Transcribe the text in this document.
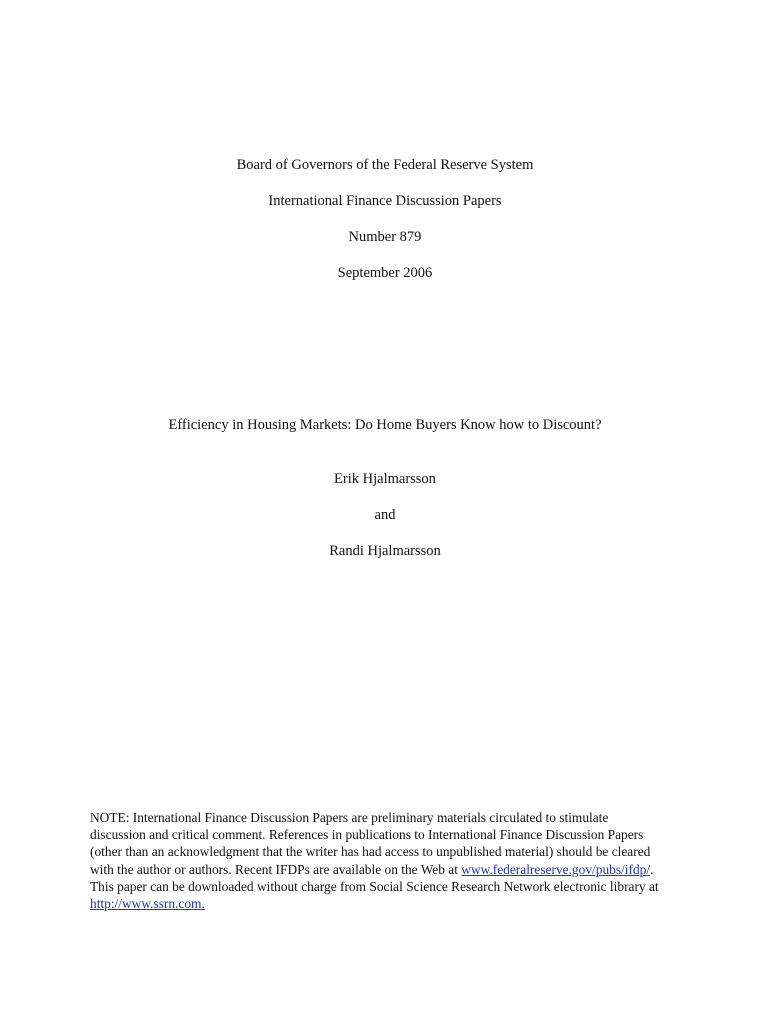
Board of Governors of the Federal Reserve System
International Finance Discussion Papers
Number 879
September 2006
Efficiency in Housing Markets: Do Home Buyers Know how to Discount?
Erik Hjalmarsson
and
Randi Hjalmarsson
NOTE: International Finance Discussion Papers are preliminary materials circulated to stimulate
discussion and critical comment. References in publications to International Finance Discussion Papers
(other than an acknowledgment that the writer has had access to unpublished material) should be cleared
with the author or authors. Recent IFDPs are available on the Web at www.federalreserve.gov/pubs/ifdp/.
This paper can be downloaded without charge from Social Science Research Network electronic library at
http://www.ssrn.com.
